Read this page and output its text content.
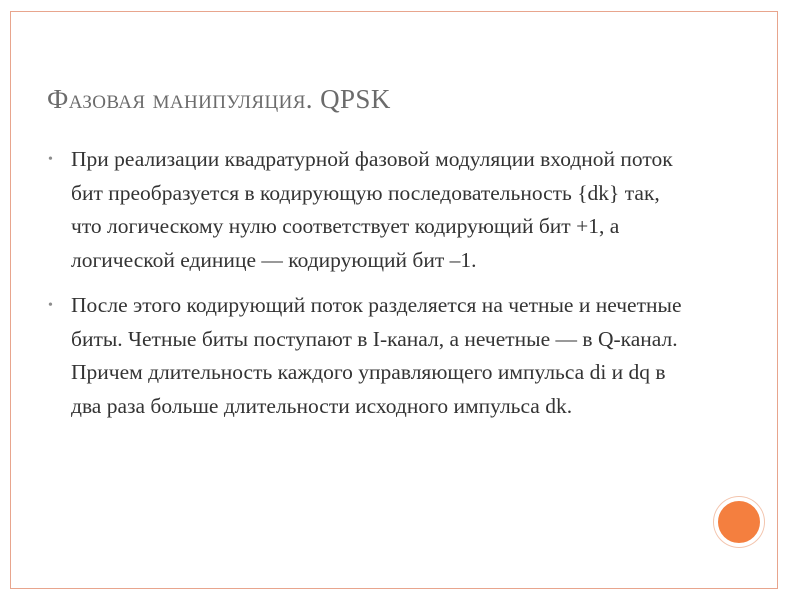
Фазовая манипуляция. QPSK
• При реализации квадратурной фазовой модуляции входной поток бит преобразуется в кодирующую последовательность {dk} так, что логическому нулю соответствует кодирующий бит +1, а логической единице — кодирующий бит –1.
• После этого кодирующий поток разделяется на четные и нечетные биты. Четные биты поступают в I-канал, а нечетные — в Q-канал. Причем длительность каждого управляющего импульса di и dq в два раза больше длительности исходного импульса dk.
